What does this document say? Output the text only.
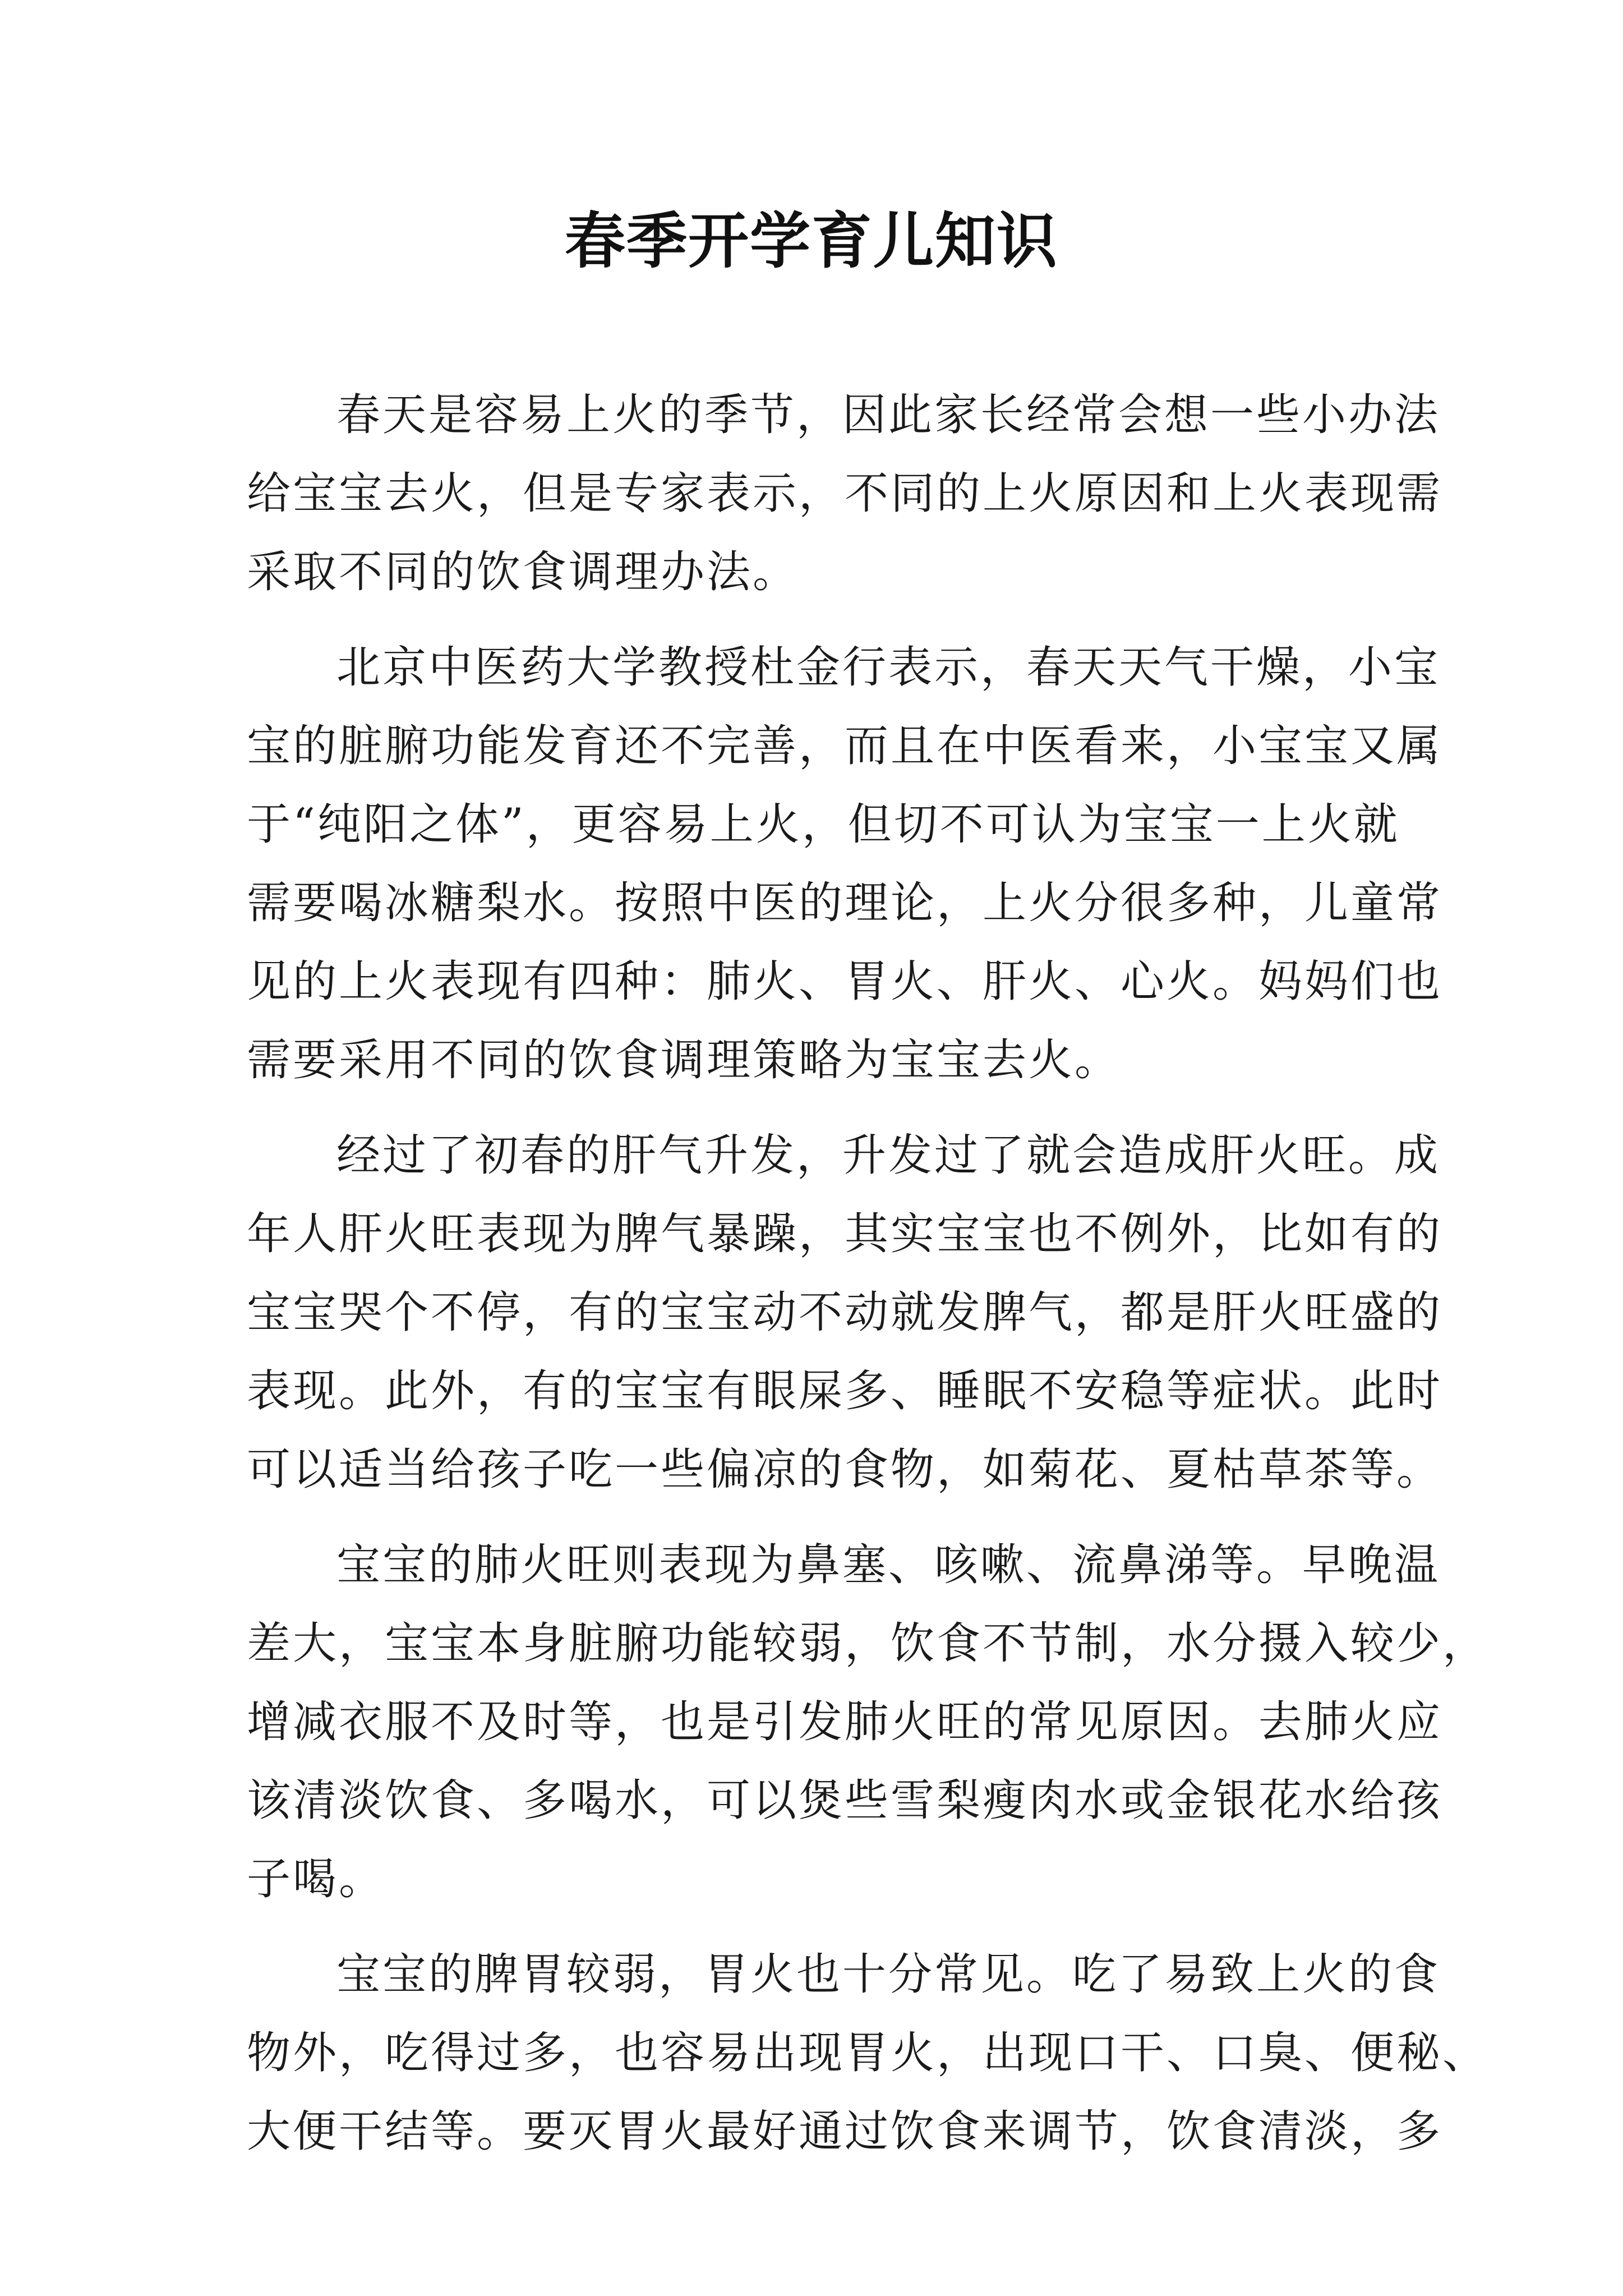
春季开学育儿知识
春天是容易上火的季节，因此家长经常会想一些小办法
给宝宝去火，但是专家表示，不同的上火原因和上火表现需
采取不同的饮食调理办法。
北京中医药大学教授杜金行表示，春天天气干燥，小宝
宝的脏腑功能发育还不完善，而且在中医看来，小宝宝又属
于“纯阳之体”，更容易上火，但切不可认为宝宝一上火就
需要喝冰糖梨水。按照中医的理论，上火分很多种，儿童常
见的上火表现有四种：肺火、胃火、肝火、心火。妈妈们也
需要采用不同的饮食调理策略为宝宝去火。
经过了初春的肝气升发，升发过了就会造成肝火旺。成
年人肝火旺表现为脾气暴躁，其实宝宝也不例外，比如有的
宝宝哭个不停，有的宝宝动不动就发脾气，都是肝火旺盛的
表现。此外，有的宝宝有眼屎多、睡眠不安稳等症状。此时
可以适当给孩子吃一些偏凉的食物，如菊花、夏枯草茶等。
宝宝的肺火旺则表现为鼻塞、咳嗽、流鼻涕等。早晚温
差大，宝宝本身脏腑功能较弱，饮食不节制，水分摄入较少，
增减衣服不及时等，也是引发肺火旺的常见原因。去肺火应
该清淡饮食、多喝水，可以煲些雪梨瘦肉水或金银花水给孩
子喝。
宝宝的脾胃较弱，胃火也十分常见。吃了易致上火的食
物外，吃得过多，也容易出现胃火，出现口干、口臭、便秘、
大便干结等。要灭胃火最好通过饮食来调节，饮食清淡，多
